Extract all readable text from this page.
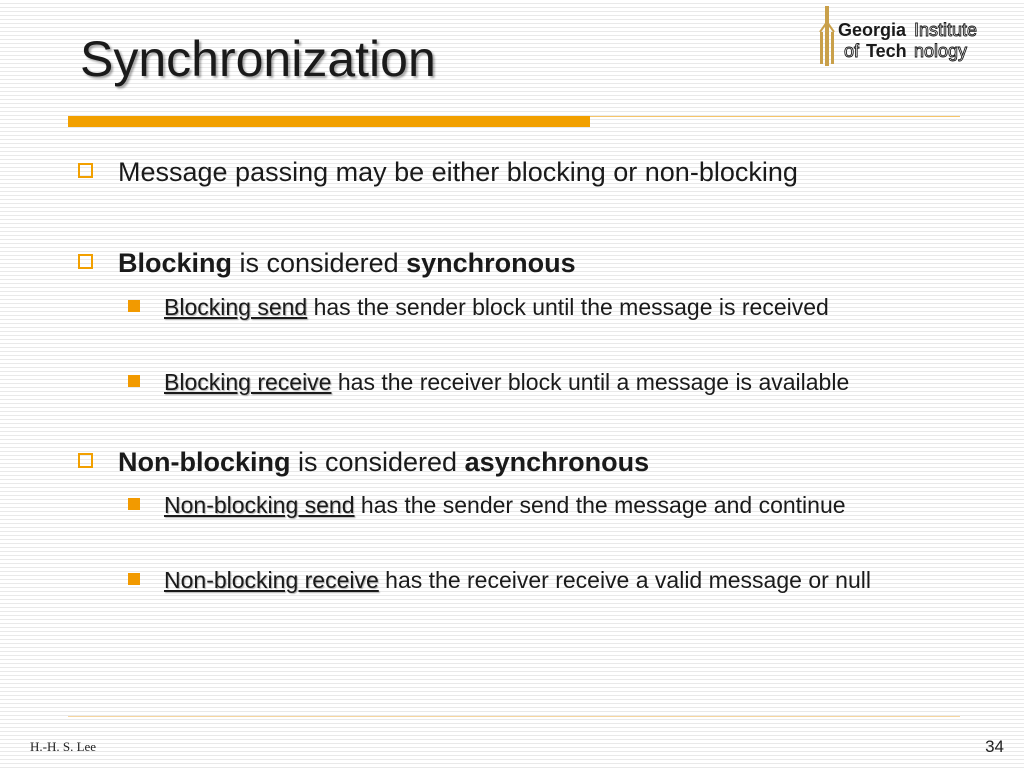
Synchronization
Georgia Institute
of Tech nology
Message passing may be either blocking or non-blocking
Blocking is considered synchronous
Blocking send has the sender block until the message is received
Blocking receive has the receiver block until a message is available
Non-blocking is considered asynchronous
Non-blocking send has the sender send the message and continue
Non-blocking receive has the receiver receive a valid message or null
H.-H. S. Lee	34
